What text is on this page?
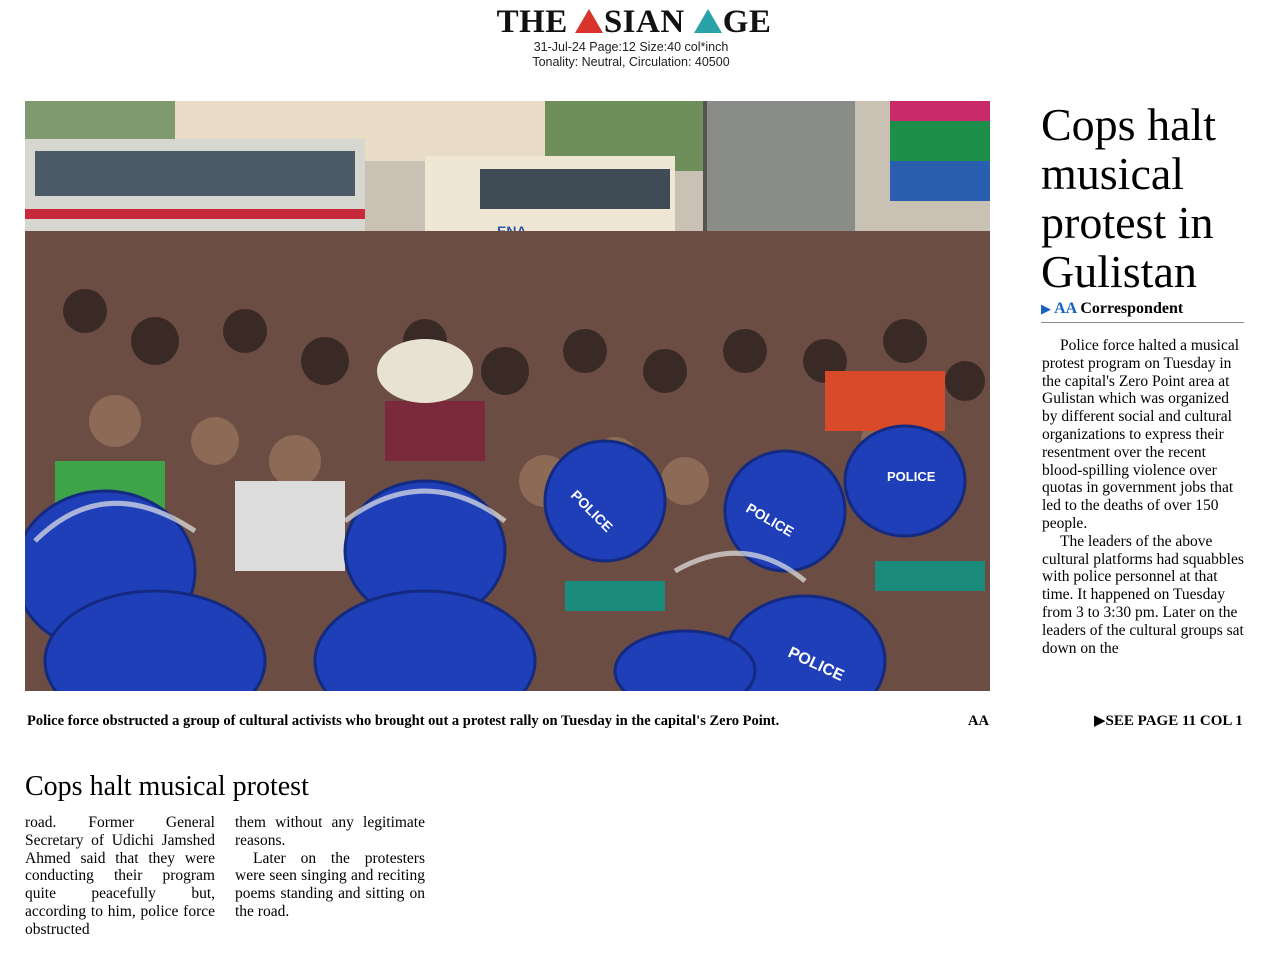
THE SIAN GE
31-Jul-24 Page:12 Size:40 col*inch
Tonality: Neutral, Circulation: 40500
POLICE	POLICE
POLICE
POLICE
Police force obstructed a group of cultural activists who brought out a protest rally on Tuesday in the capital's Zero Point.	AA
Cops halt musical protest in Gulistan
▶ AA Correspondent

Police force halted a musical protest program on Tuesday in the capital's Zero Point area at Gulistan which was organized by different social and cultural organizations to express their resentment over the recent blood-spilling violence over quotas in government jobs that led to the deaths of over 150 people.

The leaders of the above cultural platforms had squabbles with police personnel at that time. It happened on Tuesday from 3 to 3:30 pm. Later on the leaders of the cultural groups sat down on the

▶SEE PAGE 11 COL 1
Cops halt musical protest

road. Former General Secretary of Udichi Jamshed Ahmed said that they were conducting their program quite peacefully but, according to him, police force obstructed

them without any legitimate reasons.

Later on the protesters were seen singing and reciting poems standing and sitting on the road.
